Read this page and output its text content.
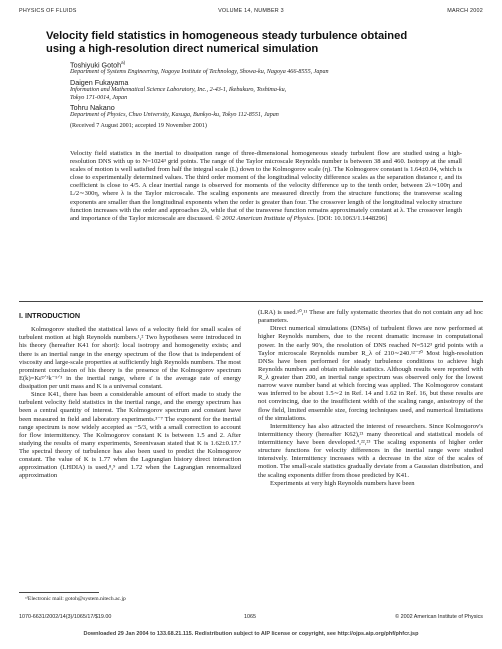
PHYSICS OF FLUIDS	VOLUME 14, NUMBER 3	MARCH 2002
Velocity field statistics in homogeneous steady turbulence obtained
using a high-resolution direct numerical simulation
Toshiyuki Gotoh$^{a)}$
Department of Systems Engineering, Nagoya Institute of Technology, Showa-ku, Nagoya 466-8555, Japan
Daigen Fukayama
Information and Mathematical Science Laboratory, Inc., 2-43-1, Ikebukuro, Toshima-ku,
Tokyo 171-0014, Japan
Tohru Nakano
Department of Physics, Chuo University, Kasuga, Bunkyo-ku, Tokyo 112-8551, Japan
(Received 7 August 2001; accepted 19 November 2001)
Velocity field statistics in the inertial to dissipation range of three-dimensional homogeneous steady turbulent flow are studied using a high-resolution DNS with up to N=1024³ grid points. The range of the Taylor microscale Reynolds number is between 38 and 460. Isotropy at the small scales of motion is well satisfied from half the integral scale (L) down to the Kolmogorov scale (η). The Kolmogorov constant is 1.64±0.04, which is close to experimentally determined values. The third order moment of the longitudinal velocity difference scales as the separation distance r, and its coefficient is close to 4/5. A clear inertial range is observed for moments of the velocity difference up to the tenth order, between 2λ∼100η and L/2∼300η, where λ is the Taylor microscale. The scaling exponents are measured directly from the structure functions; the transverse scaling exponents are smaller than the longitudinal exponents when the order is greater than four. The crossover length of the longitudinal velocity structure function increases with the order and approaches 2λ, while that of the transverse function remains approximately constant at λ. The crossover length and importance of the Taylor microscale are discussed. © 2002 American Institute of Physics. [DOI: 10.1063/1.1448296]
I. INTRODUCTION

Kolmogorov studied the statistical laws of a velocity field for small scales of turbulent motion at high Reynolds numbers.¹,² Two hypotheses were introduced in his theory (hereafter K41 for short): local isotropy and homogeneity exists; and there is an inertial range in the energy spectrum of the flow that is independent of viscosity and large-scale properties at sufficiently high Reynolds numbers. The most prominent conclusion of his theory is the presence of the Kolmogorov spectrum E(k)=Kε̄²ᐟ³k⁻⁵ᐟ³ in the inertial range, where ε̄ is the average rate of energy dissipation per unit mass and K is a universal constant.

Since K41, there has been a considerable amount of effort made to study the turbulent velocity field statistics in the inertial range, and the energy spectrum has been a central quantity of interest. The Kolmogorov spectrum and constant have been measured in field and laboratory experiments.³⁻⁷ The exponent for the inertial range spectrum is now widely accepted as −5/3, with a small correction to account for flow intermittency. The Kolmogorov constant K is between 1.5 and 2. After studying the results of many experiments, Sreenivasan stated that K is 1.62±0.17.⁷ The spectral theory of turbulence has also been used to predict the Kolmogorov constant. The value of K is 1.77 when the Lagrangian history direct interaction approximation (LHDIA) is used,⁸,⁹ and 1.72 when the Lagrangian renormalized approximation

(LRA) is used.¹⁰,¹¹ These are fully systematic theories that do not contain any ad hoc parameters.

Direct numerical simulations (DNSs) of turbulent flows are now performed at higher Reynolds numbers, due to the recent dramatic increase in computational power. In the early 90's, the resolution of DNS reached N=512³ grid points with a Taylor microscale Reynolds number R_λ of 210∼240.¹²⁻²⁰ Most high-resolution DNSs have been performed for steady turbulence conditions to achieve high Reynolds numbers and obtain reliable statistics. Although results were reported with R_λ greater than 200, an inertial range spectrum was observed only for the lowest narrow wave number band at which forcing was applied. The Kolmogorov constant was inferred to be about 1.5∼2 in Ref. 14 and 1.62 in Ref. 16, but these results are not convincing, due to the insufficient width of the scaling range, anisotropy of the flow field, limited ensemble size, forcing techniques used, and numerical limitations of the simulations.

Intermittency has also attracted the interest of researchers. Since Kolmogorov's intermittency theory (hereafter K62),²¹ many theoretical and statistical models of intermittency have been developed.⁴,²²,²³ The scaling exponents of higher order structure functions for velocity differences in the inertial range were studied intensively. Intermittency increases with a decrease in the size of the scales of motion. The small-scale statistics gradually deviate from a Gaussian distribution, and the scaling exponents differ from those predicted by K41.

Experiments at very high Reynolds numbers have been

ᵃ⁾Electronic mail: gotoh@system.nitech.ac.jp
1070-6631/2002/14(3)/1065/17/$19.00	1065	© 2002 American Institute of Physics
Downloaded 29 Jan 2004 to 133.68.21.115. Redistribution subject to AIP license or copyright, see http://ojps.aip.org/phf/phfcr.jsp
